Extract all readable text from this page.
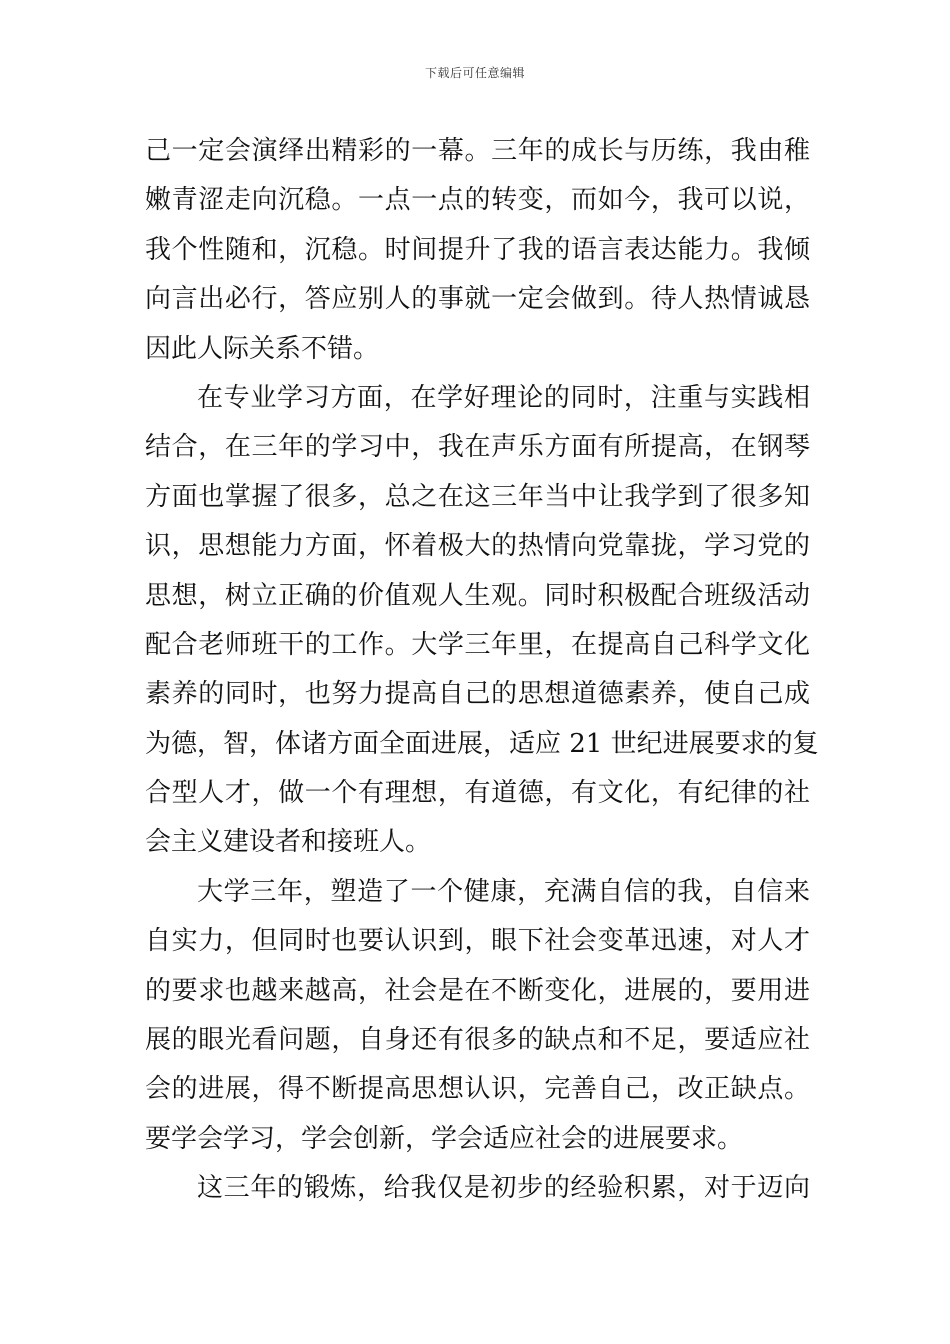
下载后可任意编辑
己一定会演绎出精彩的一幕。三年的成长与历练，我由稚
嫩青涩走向沉稳。一点一点的转变，而如今，我可以说，
我个性随和，沉稳。时间提升了我的语言表达能力。我倾
向言出必行，答应别人的事就一定会做到。待人热情诚恳
因此人际关系不错。
在专业学习方面，在学好理论的同时，注重与实践相
结合，在三年的学习中，我在声乐方面有所提高，在钢琴
方面也掌握了很多，总之在这三年当中让我学到了很多知
识，思想能力方面，怀着极大的热情向党靠拢，学习党的
思想，树立正确的价值观人生观。同时积极配合班级活动
配合老师班干的工作。大学三年里，在提高自己科学文化
素养的同时，也努力提高自己的思想道德素养，使自己成
为德，智，体诸方面全面进展，适应 21 世纪进展要求的复
合型人才，做一个有理想，有道德，有文化，有纪律的社
会主义建设者和接班人。
大学三年，塑造了一个健康，充满自信的我，自信来
自实力，但同时也要认识到，眼下社会变革迅速，对人才
的要求也越来越高，社会是在不断变化，进展的，要用进
展的眼光看问题，自身还有很多的缺点和不足，要适应社
会的进展，得不断提高思想认识，完善自己，改正缺点。
要学会学习，学会创新，学会适应社会的进展要求。
这三年的锻炼，给我仅是初步的经验积累，对于迈向
